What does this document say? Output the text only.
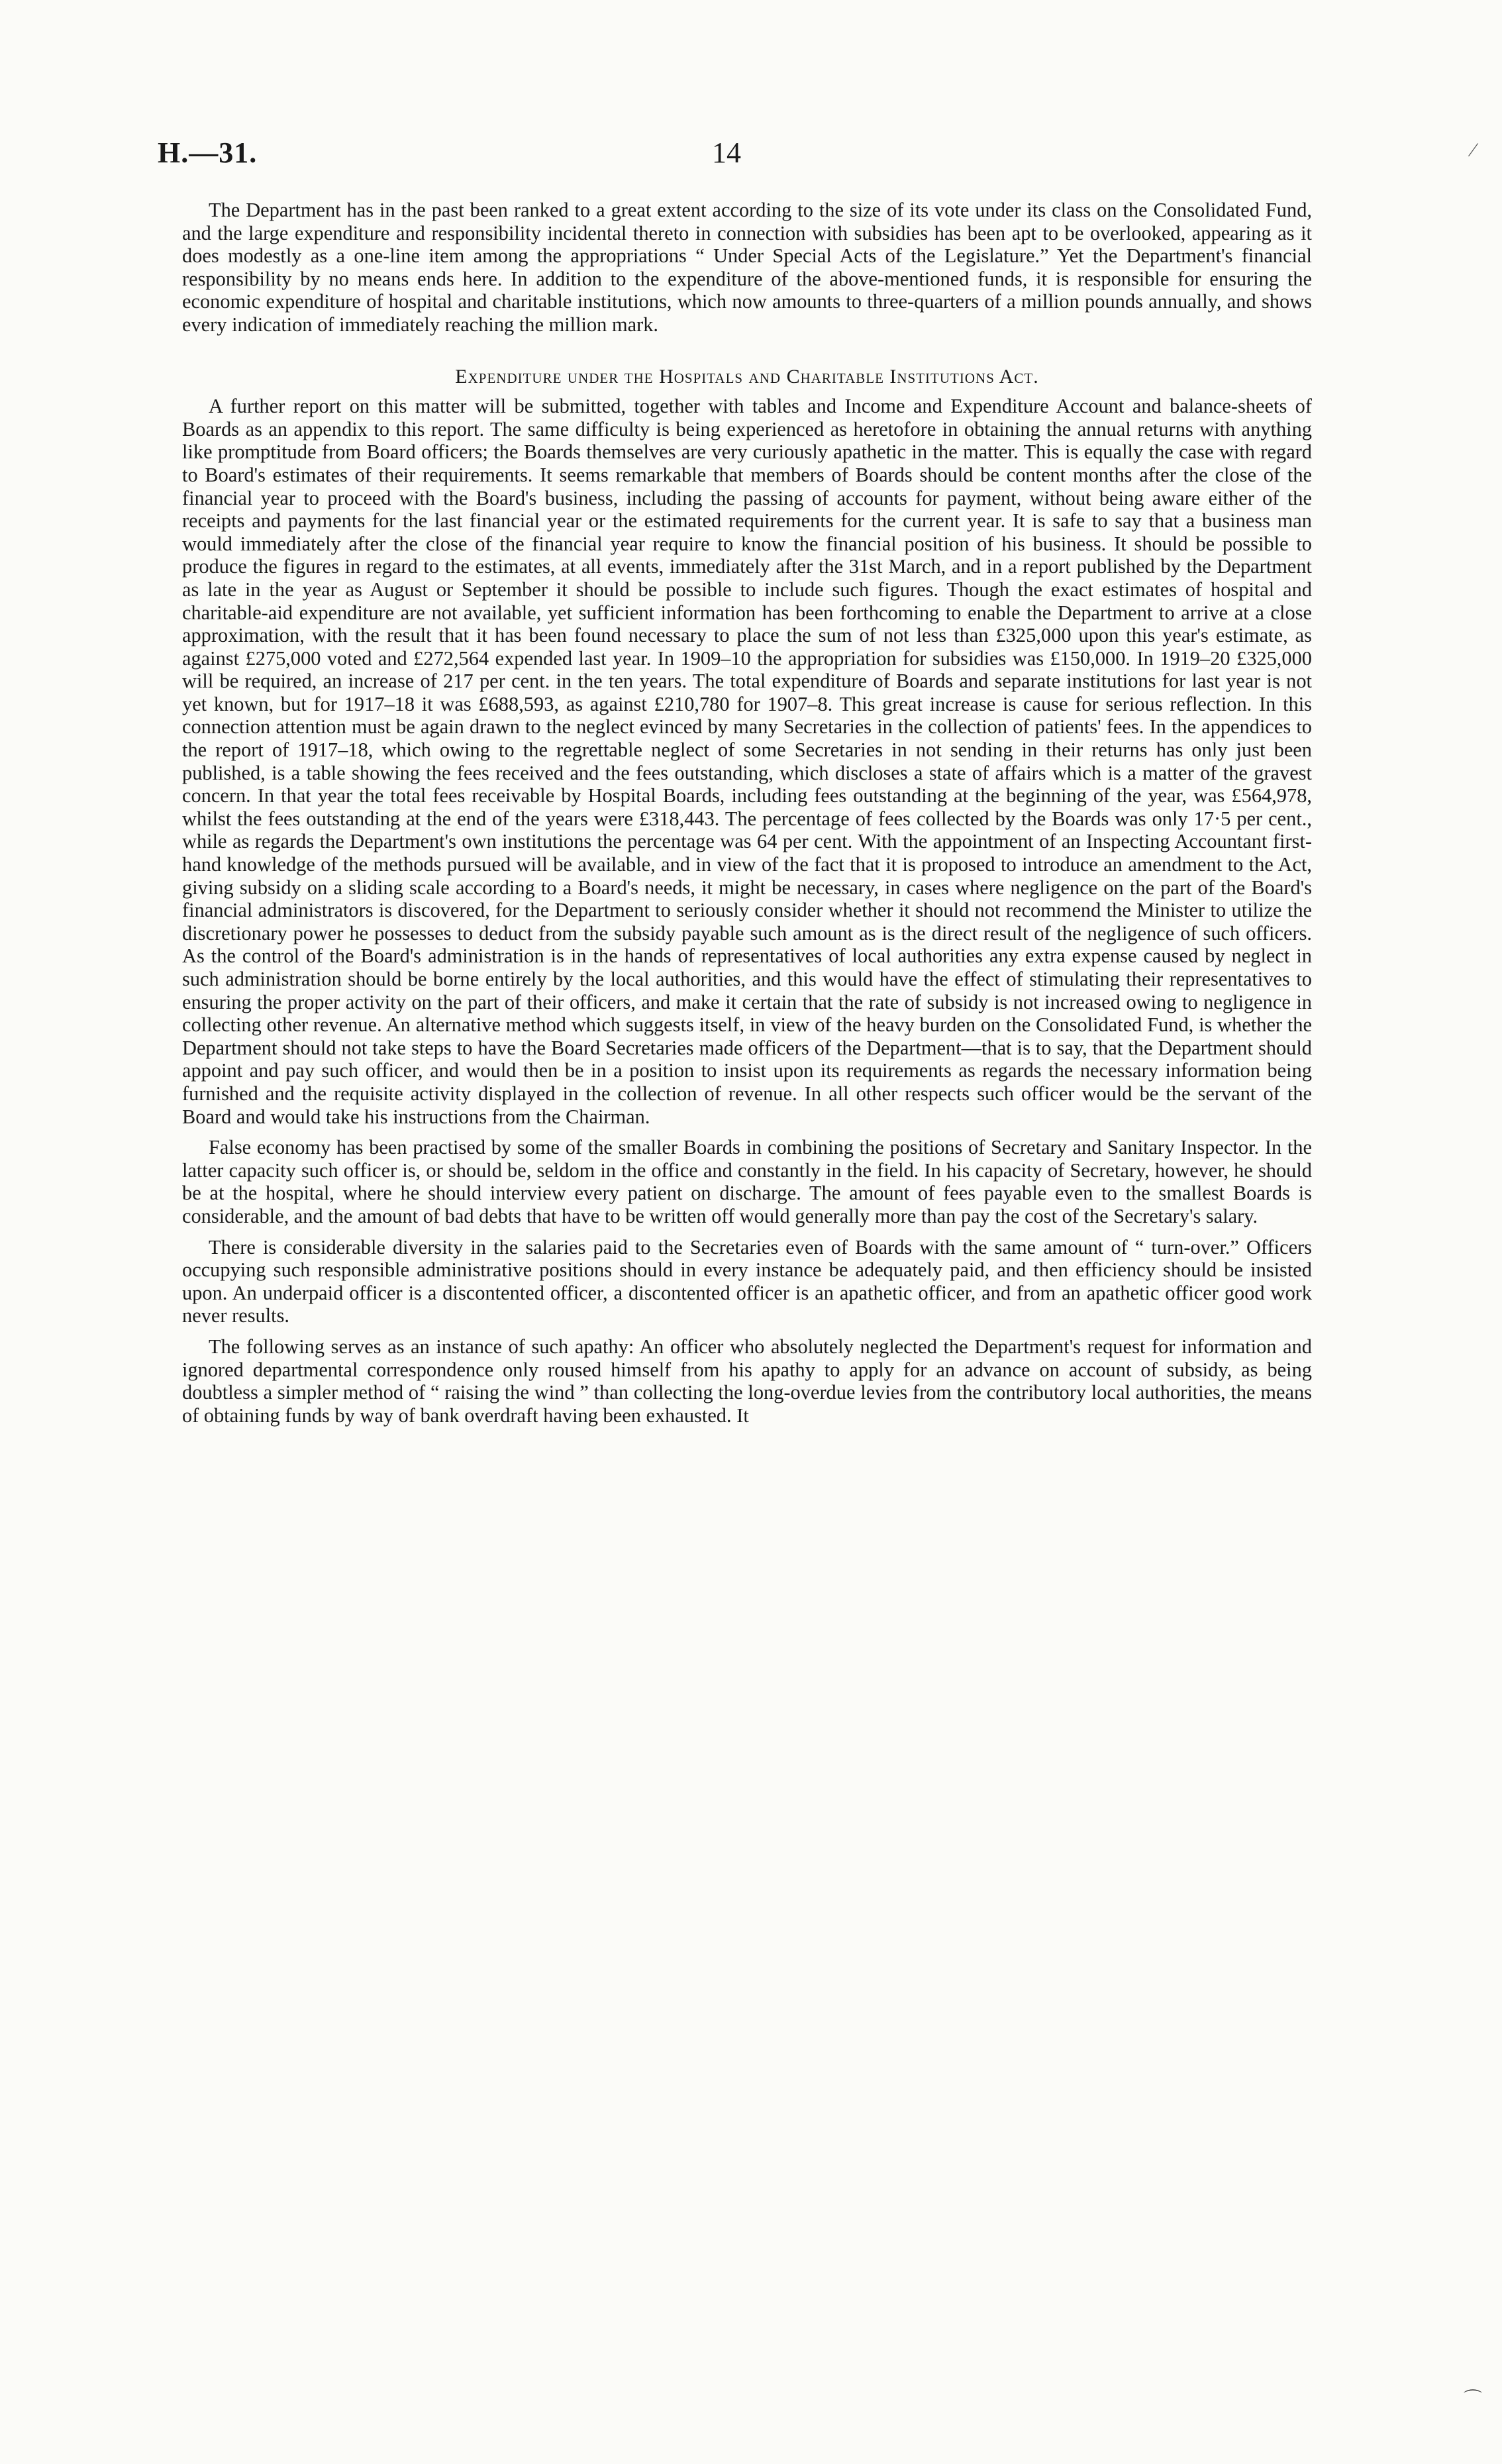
H.—31.	14	⁄

The Department has in the past been ranked to a great extent according to the size of its vote under its class on the Consolidated Fund, and the large expenditure and responsibility incidental thereto in connection with subsidies has been apt to be overlooked, appearing as it does modestly as a one-line item among the appropriations “ Under Special Acts of the Legislature.” Yet the Department's financial responsibility by no means ends here. In addition to the expenditure of the above-mentioned funds, it is responsible for ensuring the economic expenditure of hospital and charitable institutions, which now amounts to three-quarters of a million pounds annually, and shows every indication of immediately reaching the million mark.

Expenditure under the Hospitals and Charitable Institutions Act.

A further report on this matter will be submitted, together with tables and Income and Expenditure Account and balance-sheets of Boards as an appendix to this report. The same difficulty is being experienced as heretofore in obtaining the annual returns with anything like promptitude from Board officers; the Boards themselves are very curiously apathetic in the matter. This is equally the case with regard to Board's estimates of their requirements. It seems remarkable that members of Boards should be content months after the close of the financial year to proceed with the Board's business, including the passing of accounts for payment, without being aware either of the receipts and payments for the last financial year or the estimated requirements for the current year. It is safe to say that a business man would immediately after the close of the financial year require to know the financial position of his business. It should be possible to produce the figures in regard to the estimates, at all events, immediately after the 31st March, and in a report published by the Department as late in the year as August or September it should be possible to include such figures. Though the exact estimates of hospital and charitable-aid expenditure are not available, yet sufficient information has been forthcoming to enable the Department to arrive at a close approximation, with the result that it has been found necessary to place the sum of not less than £325,000 upon this year's estimate, as against £275,000 voted and £272,564 expended last year. In 1909–10 the appropriation for subsidies was £150,000. In 1919–20 £325,000 will be required, an increase of 217 per cent. in the ten years. The total expenditure of Boards and separate institutions for last year is not yet known, but for 1917–18 it was £688,593, as against £210,780 for 1907–8. This great increase is cause for serious reflection. In this connection attention must be again drawn to the neglect evinced by many Secretaries in the collection of patients' fees. In the appendices to the report of 1917–18, which owing to the regrettable neglect of some Secretaries in not sending in their returns has only just been published, is a table showing the fees received and the fees outstanding, which discloses a state of affairs which is a matter of the gravest concern. In that year the total fees receivable by Hospital Boards, including fees outstanding at the beginning of the year, was £564,978, whilst the fees outstanding at the end of the years were £318,443. The percentage of fees collected by the Boards was only 17·5 per cent., while as regards the Department's own institutions the percentage was 64 per cent. With the appointment of an Inspecting Accountant first-hand knowledge of the methods pursued will be available, and in view of the fact that it is proposed to introduce an amendment to the Act, giving subsidy on a sliding scale according to a Board's needs, it might be necessary, in cases where negligence on the part of the Board's financial administrators is discovered, for the Department to seriously consider whether it should not recommend the Minister to utilize the discretionary power he possesses to deduct from the subsidy payable such amount as is the direct result of the negligence of such officers. As the control of the Board's administration is in the hands of representatives of local authorities any extra expense caused by neglect in such administration should be borne entirely by the local authorities, and this would have the effect of stimulating their representatives to ensuring the proper activity on the part of their officers, and make it certain that the rate of subsidy is not increased owing to negligence in collecting other revenue. An alternative method which suggests itself, in view of the heavy burden on the Consolidated Fund, is whether the Department should not take steps to have the Board Secretaries made officers of the Department—that is to say, that the Department should appoint and pay such officer, and would then be in a position to insist upon its requirements as regards the necessary information being furnished and the requisite activity displayed in the collection of revenue. In all other respects such officer would be the servant of the Board and would take his instructions from the Chairman.

False economy has been practised by some of the smaller Boards in combining the positions of Secretary and Sanitary Inspector. In the latter capacity such officer is, or should be, seldom in the office and constantly in the field. In his capacity of Secretary, however, he should be at the hospital, where he should interview every patient on discharge. The amount of fees payable even to the smallest Boards is considerable, and the amount of bad debts that have to be written off would generally more than pay the cost of the Secretary's salary.

There is considerable diversity in the salaries paid to the Secretaries even of Boards with the same amount of “ turn-over.” Officers occupying such responsible administrative positions should in every instance be adequately paid, and then efficiency should be insisted upon. An underpaid officer is a discontented officer, a discontented officer is an apathetic officer, and from an apathetic officer good work never results.

The following serves as an instance of such apathy: An officer who absolutely neglected the Department's request for information and ignored departmental correspondence only roused himself from his apathy to apply for an advance on account of subsidy, as being doubtless a simpler method of “ raising the wind ” than collecting the long-overdue levies from the contributory local authorities, the means of obtaining funds by way of bank overdraft having been exhausted. It

⌒
